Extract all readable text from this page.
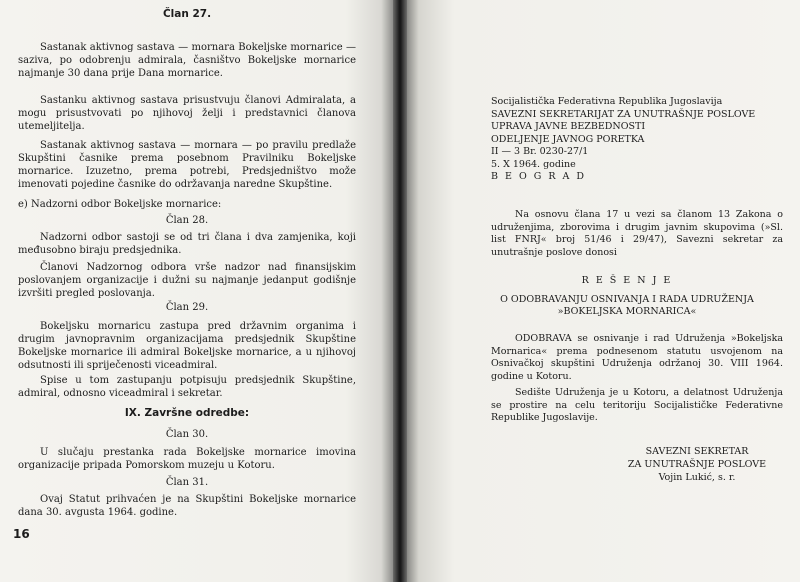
Član 27.

Sastanak aktivnog sastava — mornara Bokeljske mornarice — saziva, po odobrenju admirala, časništvo Bokeljske mornarice najmanje 30 dana prije Dana mornarice.

Sastanku aktivnog sastava prisustvuju članovi Admiralata, a mogu prisustvovati po njihovoj želji i predstavnici članova utemeljitelja.

Sastanak aktivnog sastava — mornara — po pravilu predlaže Skupštini časnike prema posebnom Pravilniku Bokeljske mornarice. Izuzetno, prema potrebi, Predsjedništvo može imenovati pojedine časnike do održavanja naredne Skupštine.

e) Nadzorni odbor Bokeljske mornarice:

Član 28.

Nadzorni odbor sastoji se od tri člana i dva zamjenika, koji međusobno biraju predsjednika.

Članovi Nadzornog odbora vrše nadzor nad finansijskim poslovanjem organizacije i dužni su najmanje jedanput godišnje izvršiti pregled poslovanja.

Član 29.

Bokeljsku mornaricu zastupa pred državnim organima i drugim javnopravnim organizacijama predsjednik Skupštine Bokeljske mornarice ili admiral Bokeljske mornarice, a u njihovoj odsutnosti ili spriječenosti viceadmiral.

Spise u tom zastupanju potpisuju predsjednik Skupštine, admiral, odnosno viceadmiral i sekretar.

IX. Završne odredbe:

Član 30.

U slučaju prestanka rada Bokeljske mornarice imovina organizacije pripada Pomorskom muzeju u Kotoru.

Član 31.

Ovaj Statut prihvaćen je na Skupštini Bokeljske mornarice dana 30. avgusta 1964. godine.

16

Socijalistička Federativna Republika Jugoslavija
SAVEZNI SEKRETARIJAT ZA UNUTRAŠNJE POSLOVE
UPRAVA JAVNE BEZBEDNOSTI
ODELJENJE JAVNOG PORETKA
II — 3 Br. 0230-27/1
5. X 1964. godine
B E O G R A D

Na osnovu člana 17 u vezi sa članom 13 Zakona o udruženjima, zborovima i drugim javnim skupovima (»Sl. list FNRJ« broj 51/46 i 29/47), Savezni sekretar za unutrašnje poslove donosi

R E Š E N J E

O ODOBRAVANJU OSNIVANJA I RADA UDRUŽENJA

»BOKELJSKA MORNARICA«

ODOBRAVA se osnivanje i rad Udruženja »Bokeljska Mornarica« prema podnesenom statutu usvojenom na Osnivačkoj skupštini Udruženja održanoj 30. VIII 1964. godine u Kotoru.

Sedište Udruženja je u Kotoru, a delatnost Udruženja se prostire na celu teritoriju Socijalističke Federativne Republike Jugoslavije.

SAVEZNI SEKRETAR

ZA UNUTRAŠNJE POSLOVE

Vojin Lukić, s. r.
